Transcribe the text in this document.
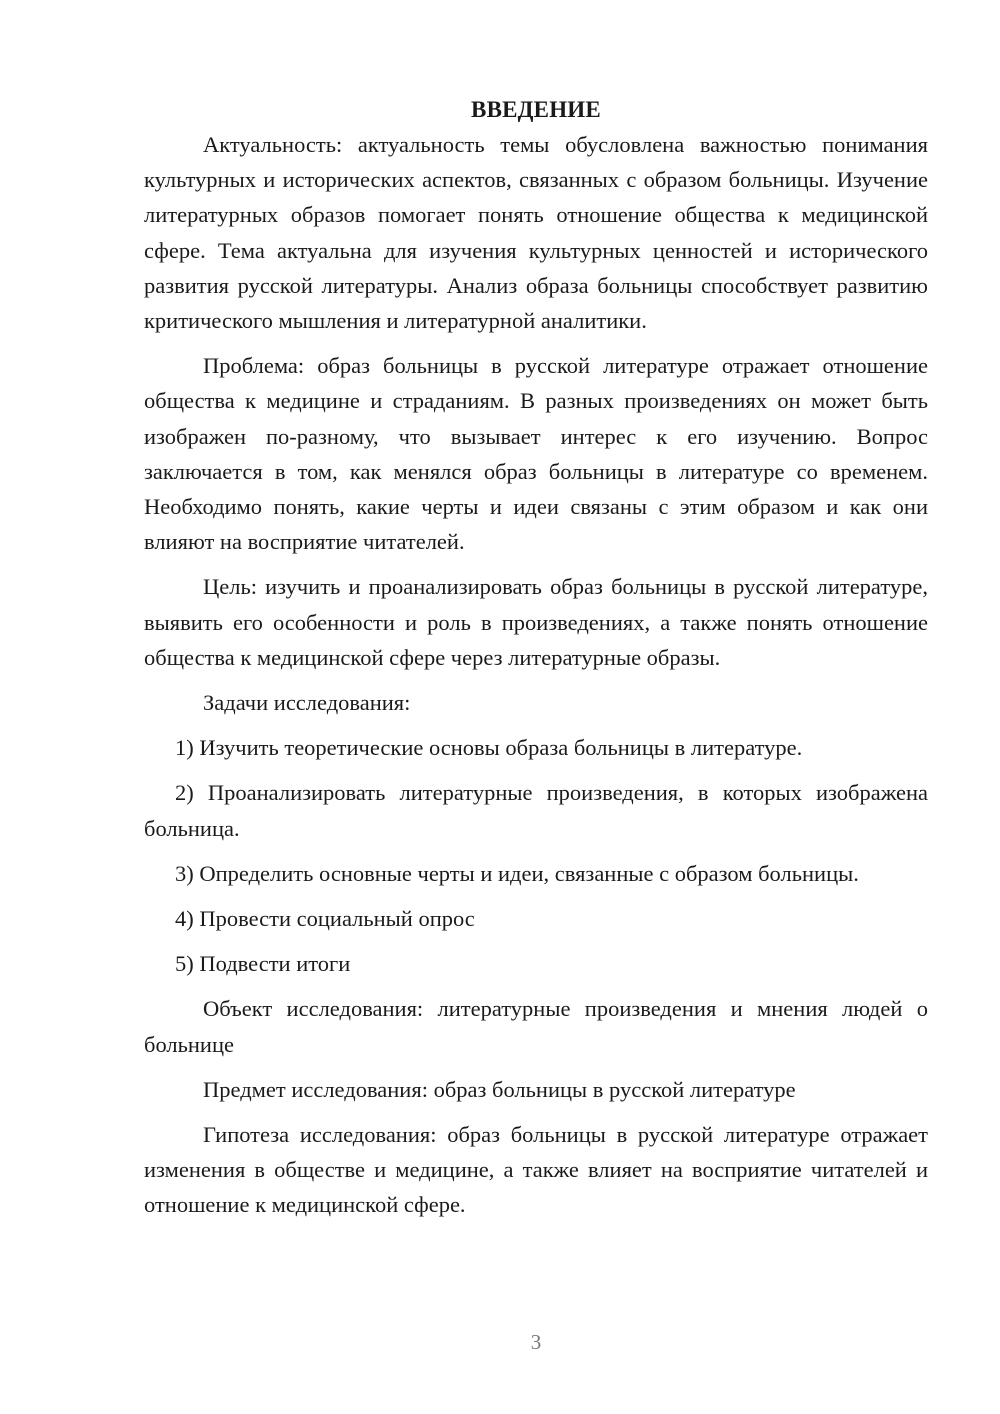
ВВЕДЕНИЕ

Актуальность: актуальность темы обусловлена важностью понимания культурных и исторических аспектов, связанных с образом больницы. Изучение литературных образов помогает понять отношение общества к медицинской сфере. Тема актуальна для изучения культурных ценностей и исторического развития русской литературы. Анализ образа больницы способствует развитию критического мышления и литературной аналитики.

Проблема: образ больницы в русской литературе отражает отношение общества к медицине и страданиям. В разных произведениях он может быть изображен по-разному, что вызывает интерес к его изучению. Вопрос заключается в том, как менялся образ больницы в литературе со временем. Необходимо понять, какие черты и идеи связаны с этим образом и как они влияют на восприятие читателей.

Цель: изучить и проанализировать образ больницы в русской литературе, выявить его особенности и роль в произведениях, а также понять отношение общества к медицинской сфере через литературные образы.

Задачи исследования:

1) Изучить теоретические основы образа больницы в литературе.

2) Проанализировать литературные произведения, в которых изображена больница.

3) Определить основные черты и идеи, связанные с образом больницы.

4) Провести социальный опрос

5) Подвести итоги

Объект исследования: литературные произведения и мнения людей о больнице

Предмет исследования: образ больницы в русской литературе

Гипотеза исследования: образ больницы в русской литературе отражает изменения в обществе и медицине, а также влияет на восприятие читателей и отношение к медицинской сфере.

3
